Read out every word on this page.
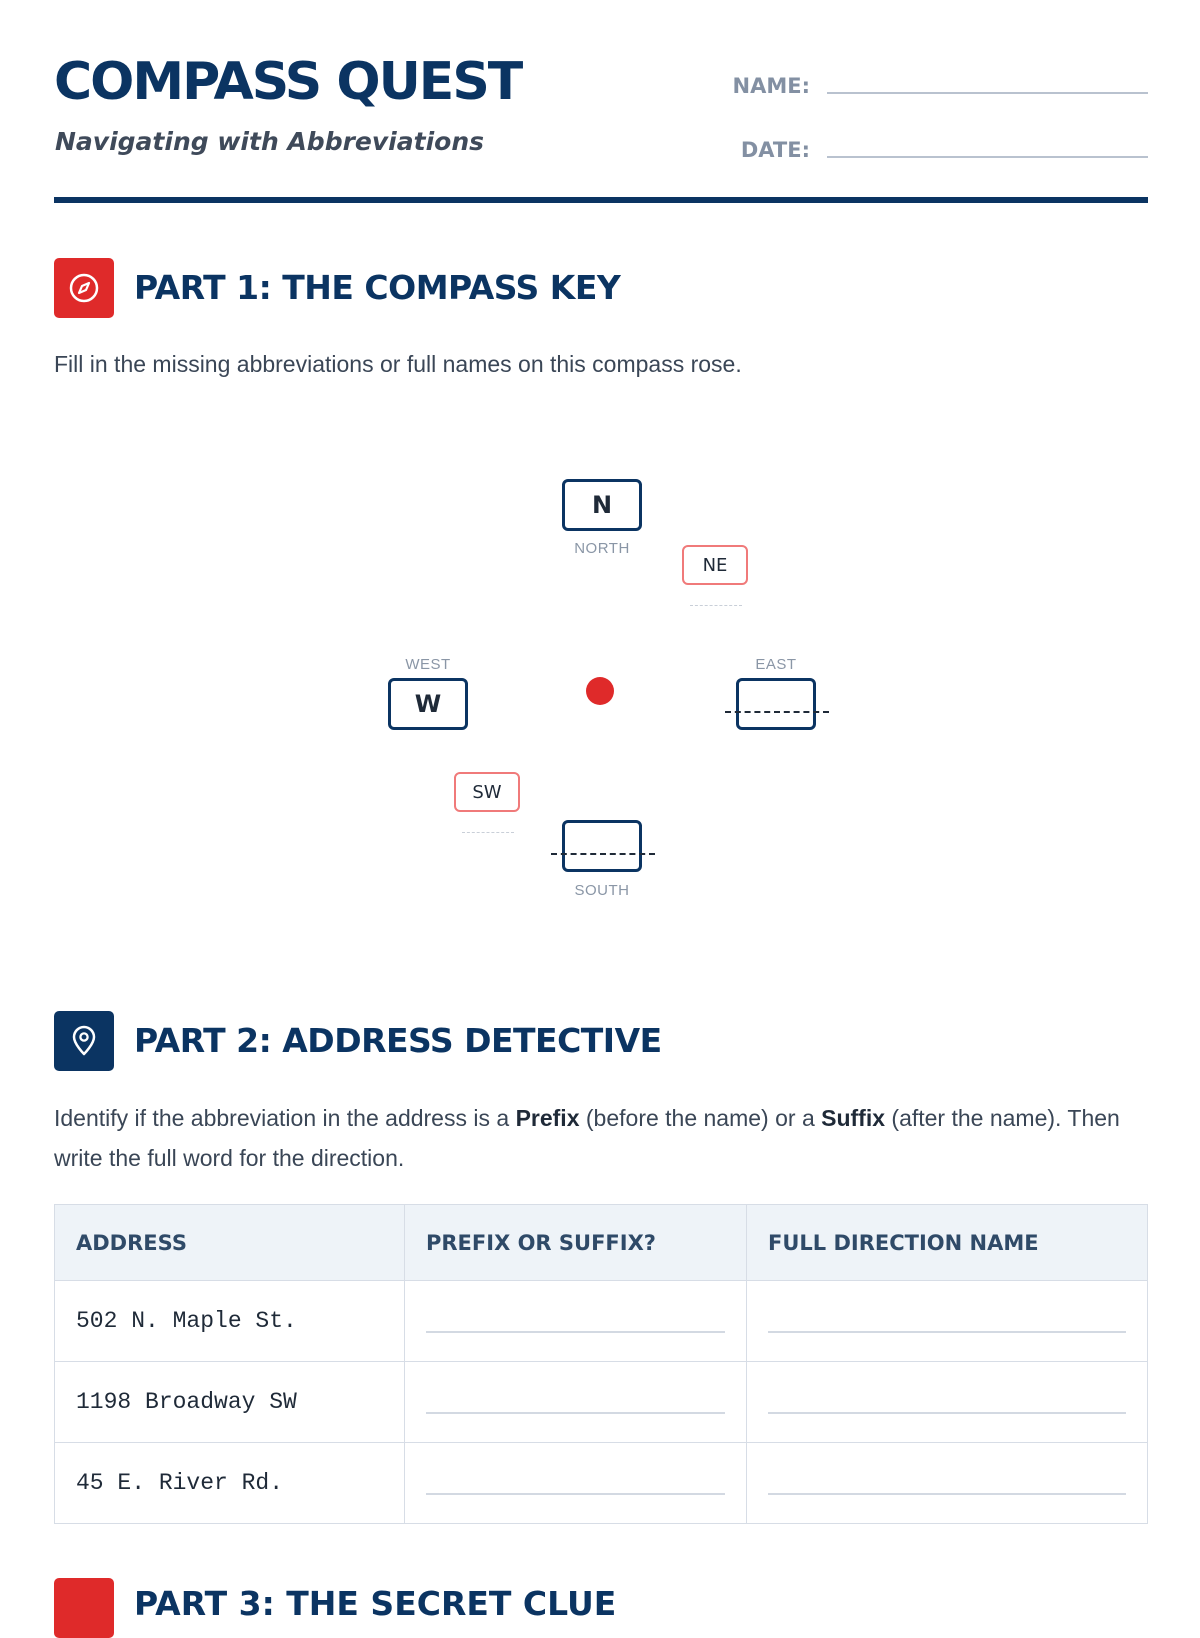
COMPASS QUEST
Navigating with Abbreviations
NAME:
DATE:
PART 1: THE COMPASS KEY
Fill in the missing abbreviations or full names on this compass rose.
N
NORTH
NE
WEST
W
EAST
SW
SOUTH
PART 2: ADDRESS DETECTIVE
Identify if the abbreviation in the address is a Prefix (before the name) or a Suffix (after the name). Then write the full word for the direction.
ADDRESS	PREFIX OR SUFFIX?	FULL DIRECTION NAME
502 N. Maple St.	

1198 Broadway SW	

45 E. River Rd.	

PART 3: THE SECRET CLUE
